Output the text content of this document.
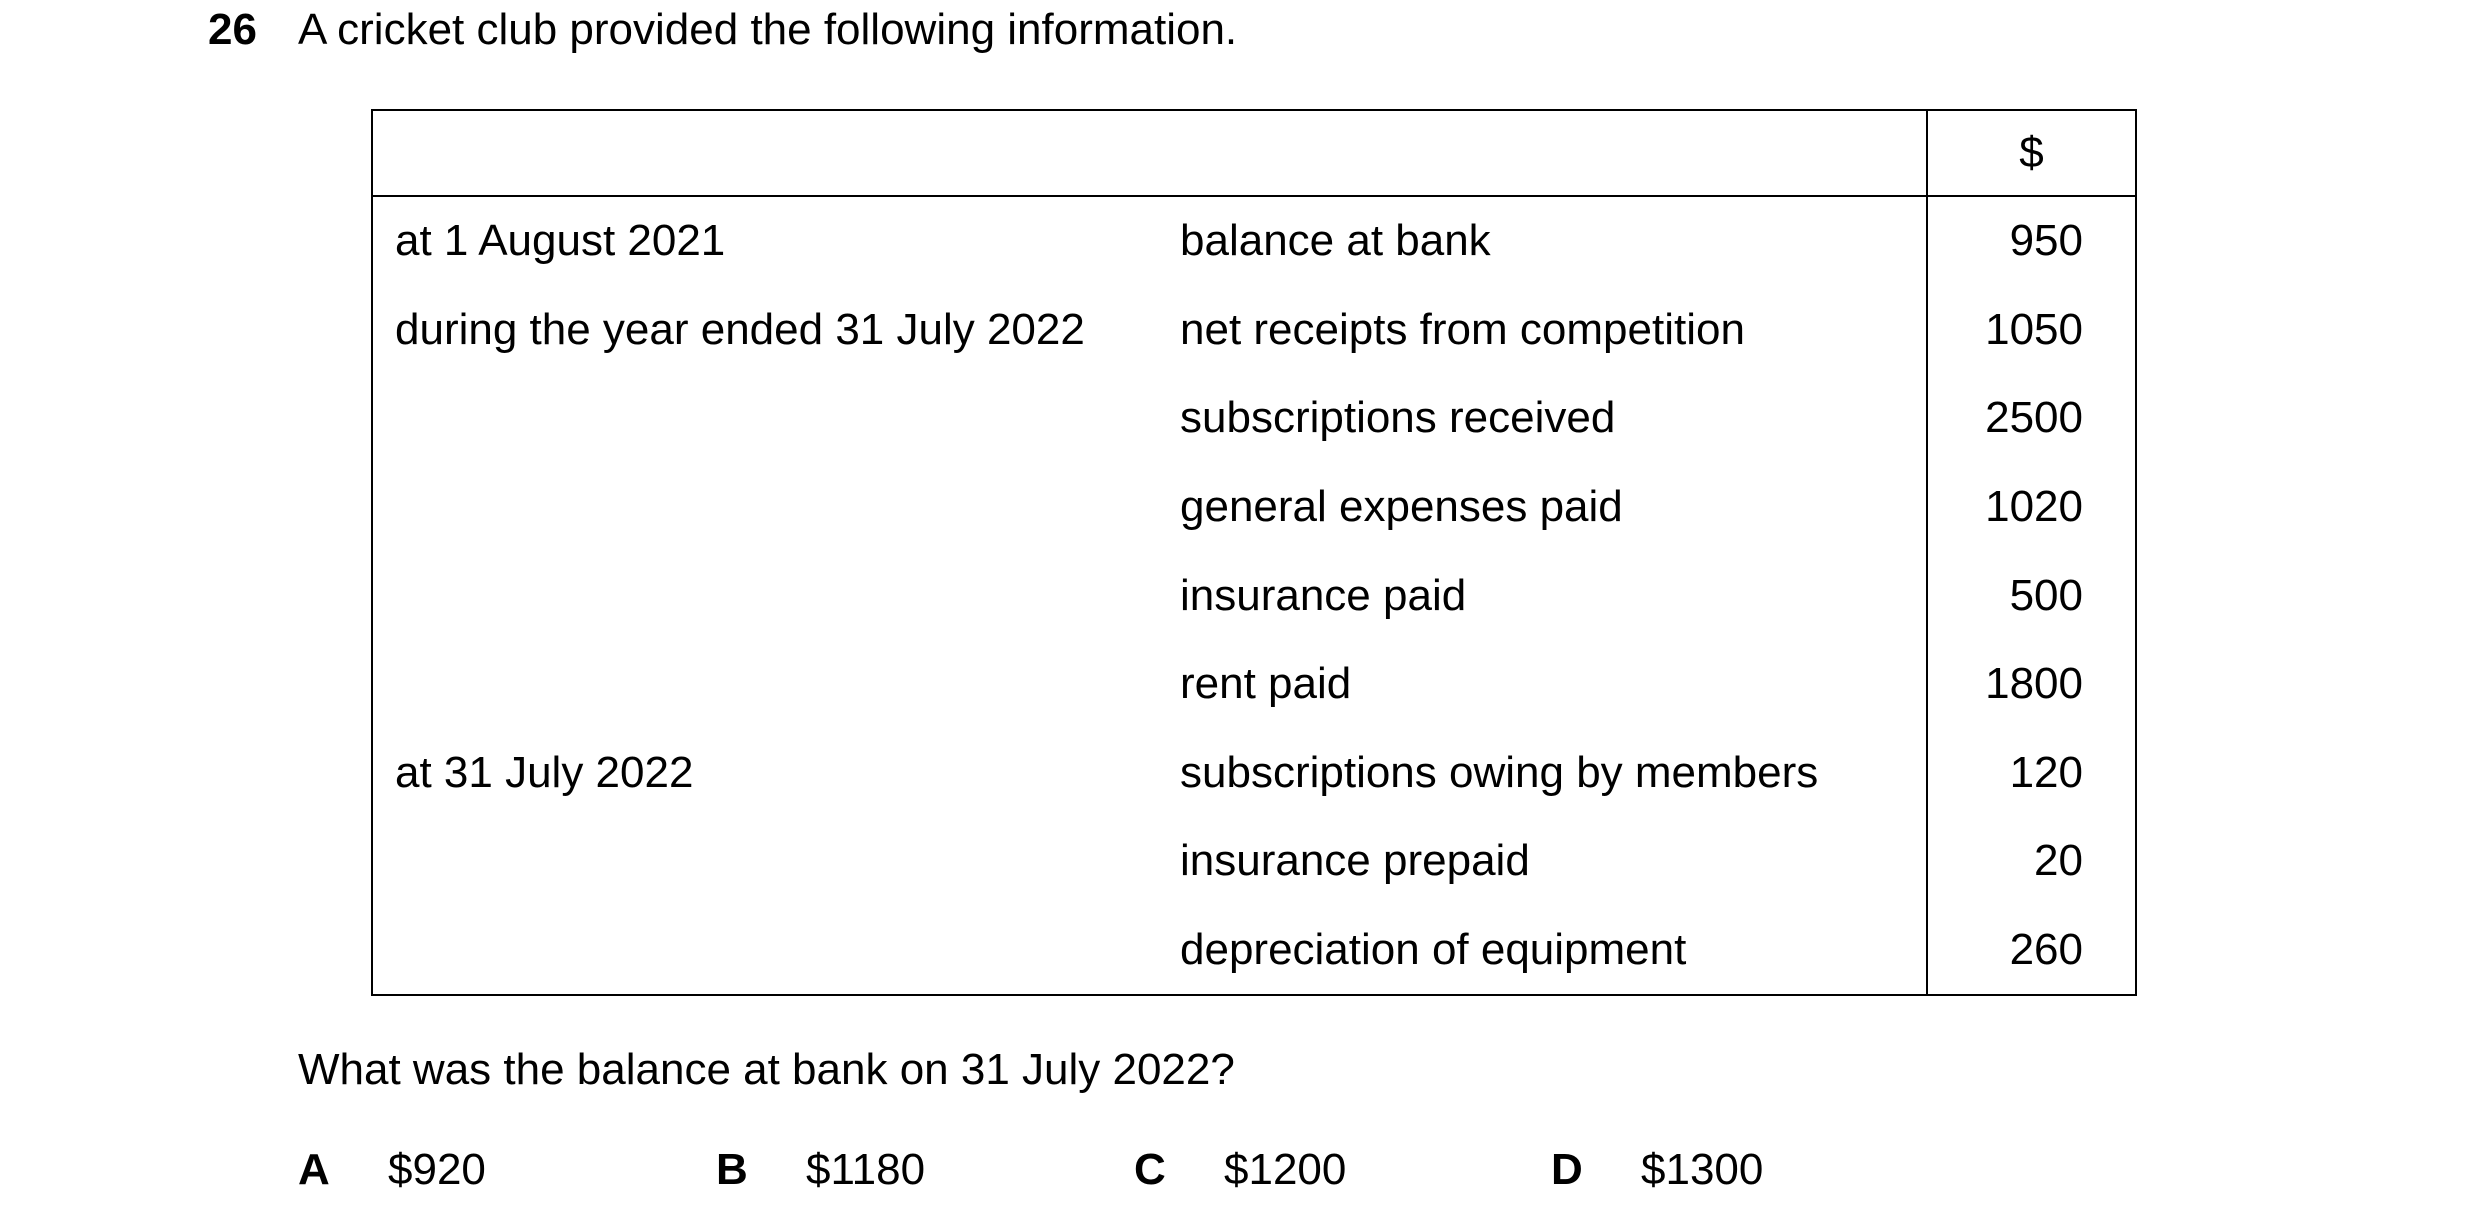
26 A cricket club provided the following information.
		$
at 1 August 2021	balance at bank	950
during the year ended 31 July 2022	net receipts from competition	1050
	subscriptions received	2500
	general expenses paid	1020
	insurance paid	500
	rent paid	1800
at 31 July 2022	subscriptions owing by members	120
	insurance prepaid	20
	depreciation of equipment	260
What was the balance at bank on 31 July 2022?
A $920	B $1180	C $1200	D $1300
